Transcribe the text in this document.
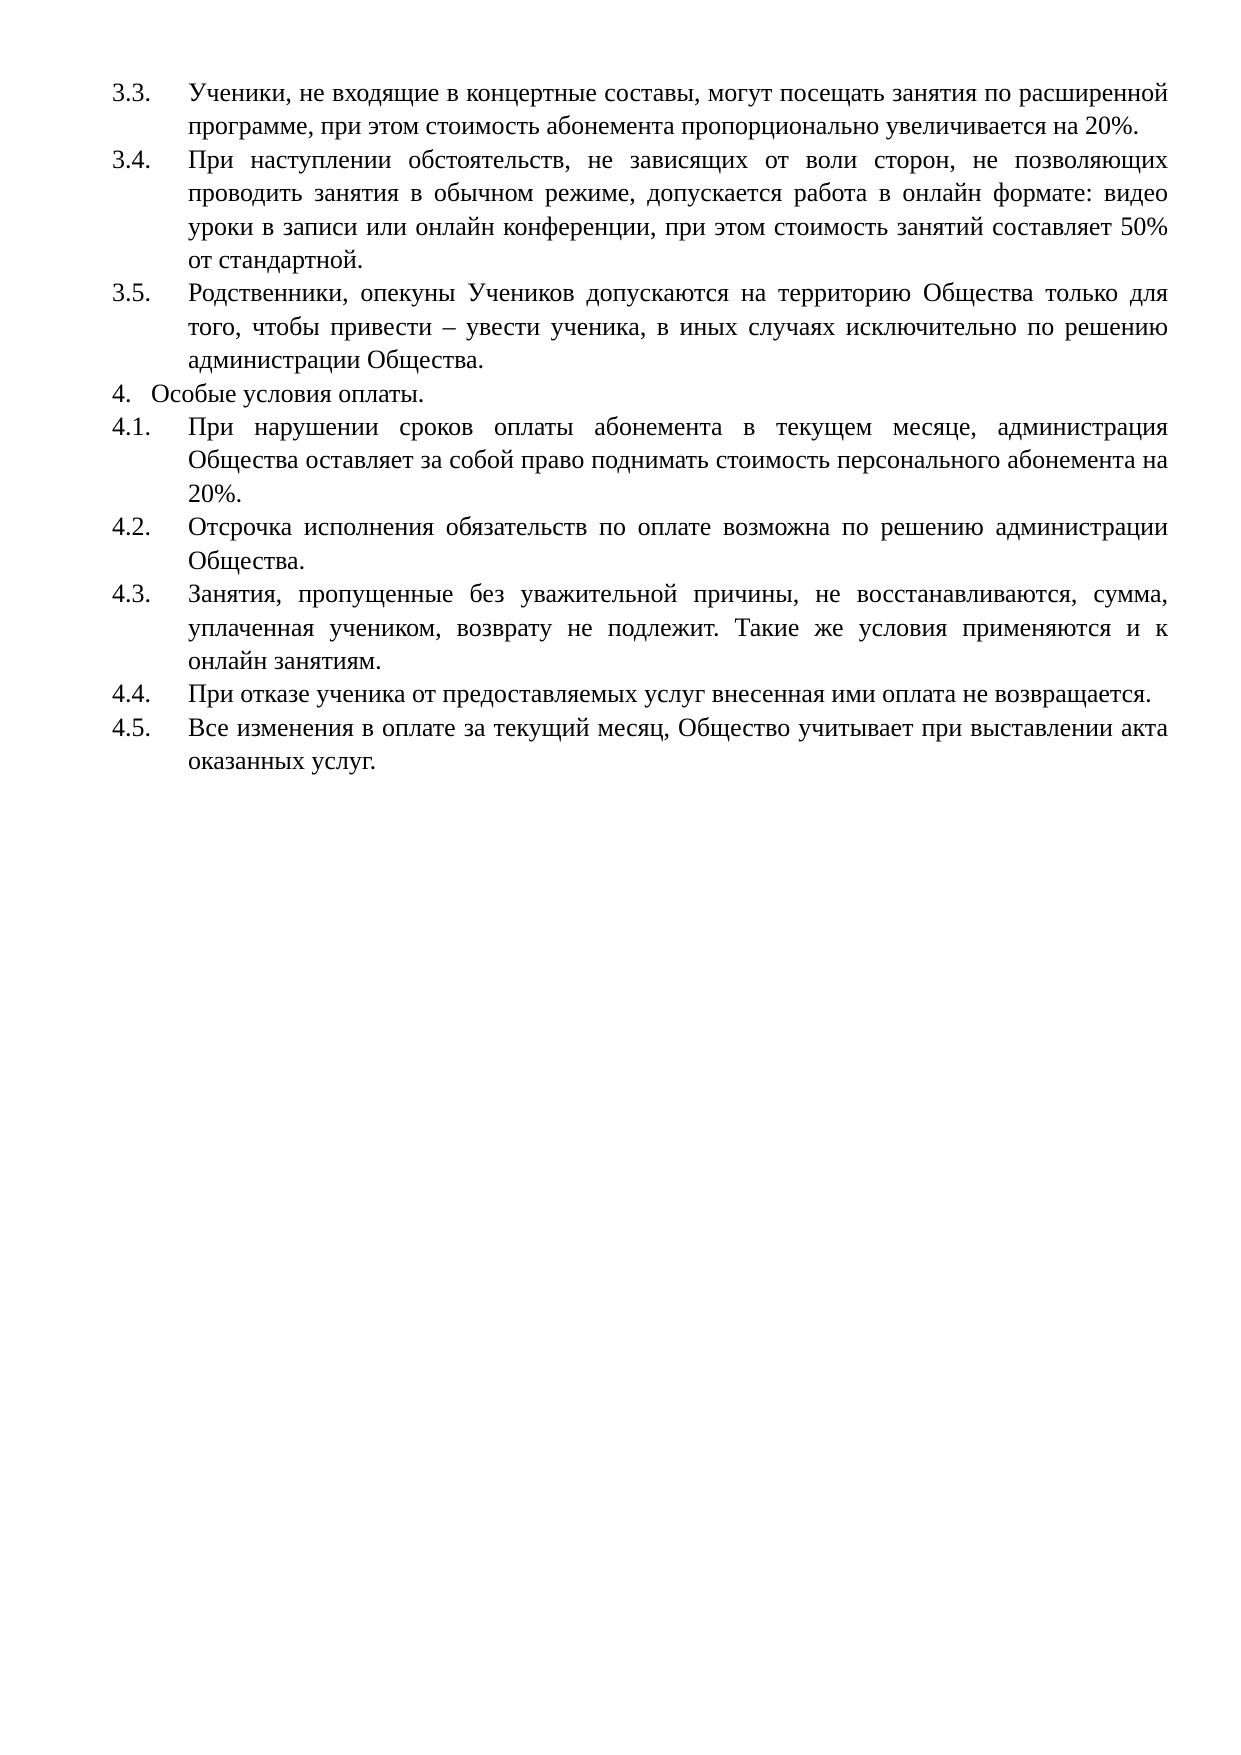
3.3.	Ученики, не входящие в концертные составы, могут посещать занятия по расширенной программе, при этом стоимость абонемента пропорционально увеличивается на 20%.
3.4.	При наступлении обстоятельств, не зависящих от воли сторон, не позволяющих проводить занятия в обычном режиме, допускается работа в онлайн формате: видео уроки в записи или онлайн конференции, при этом стоимость занятий составляет 50% от стандартной.
3.5.	Родственники, опекуны Учеников допускаются на территорию Общества только для того, чтобы привести – увести ученика, в иных случаях исключительно по решению администрации Общества.
4. Особые условия оплаты.
4.1.	При нарушении сроков оплаты абонемента в текущем месяце, администрация Общества оставляет за собой право поднимать стоимость персонального абонемента на 20%.
4.2.	Отсрочка исполнения обязательств по оплате возможна по решению администрации Общества.
4.3.	Занятия, пропущенные без уважительной причины, не восстанавливаются, сумма, уплаченная учеником, возврату не подлежит. Такие же условия применяются и к онлайн занятиям.
4.4.	При отказе ученика от предоставляемых услуг внесенная ими оплата не возвращается.
4.5.	Все изменения в оплате за текущий месяц, Общество учитывает при выставлении акта оказанных услуг.
